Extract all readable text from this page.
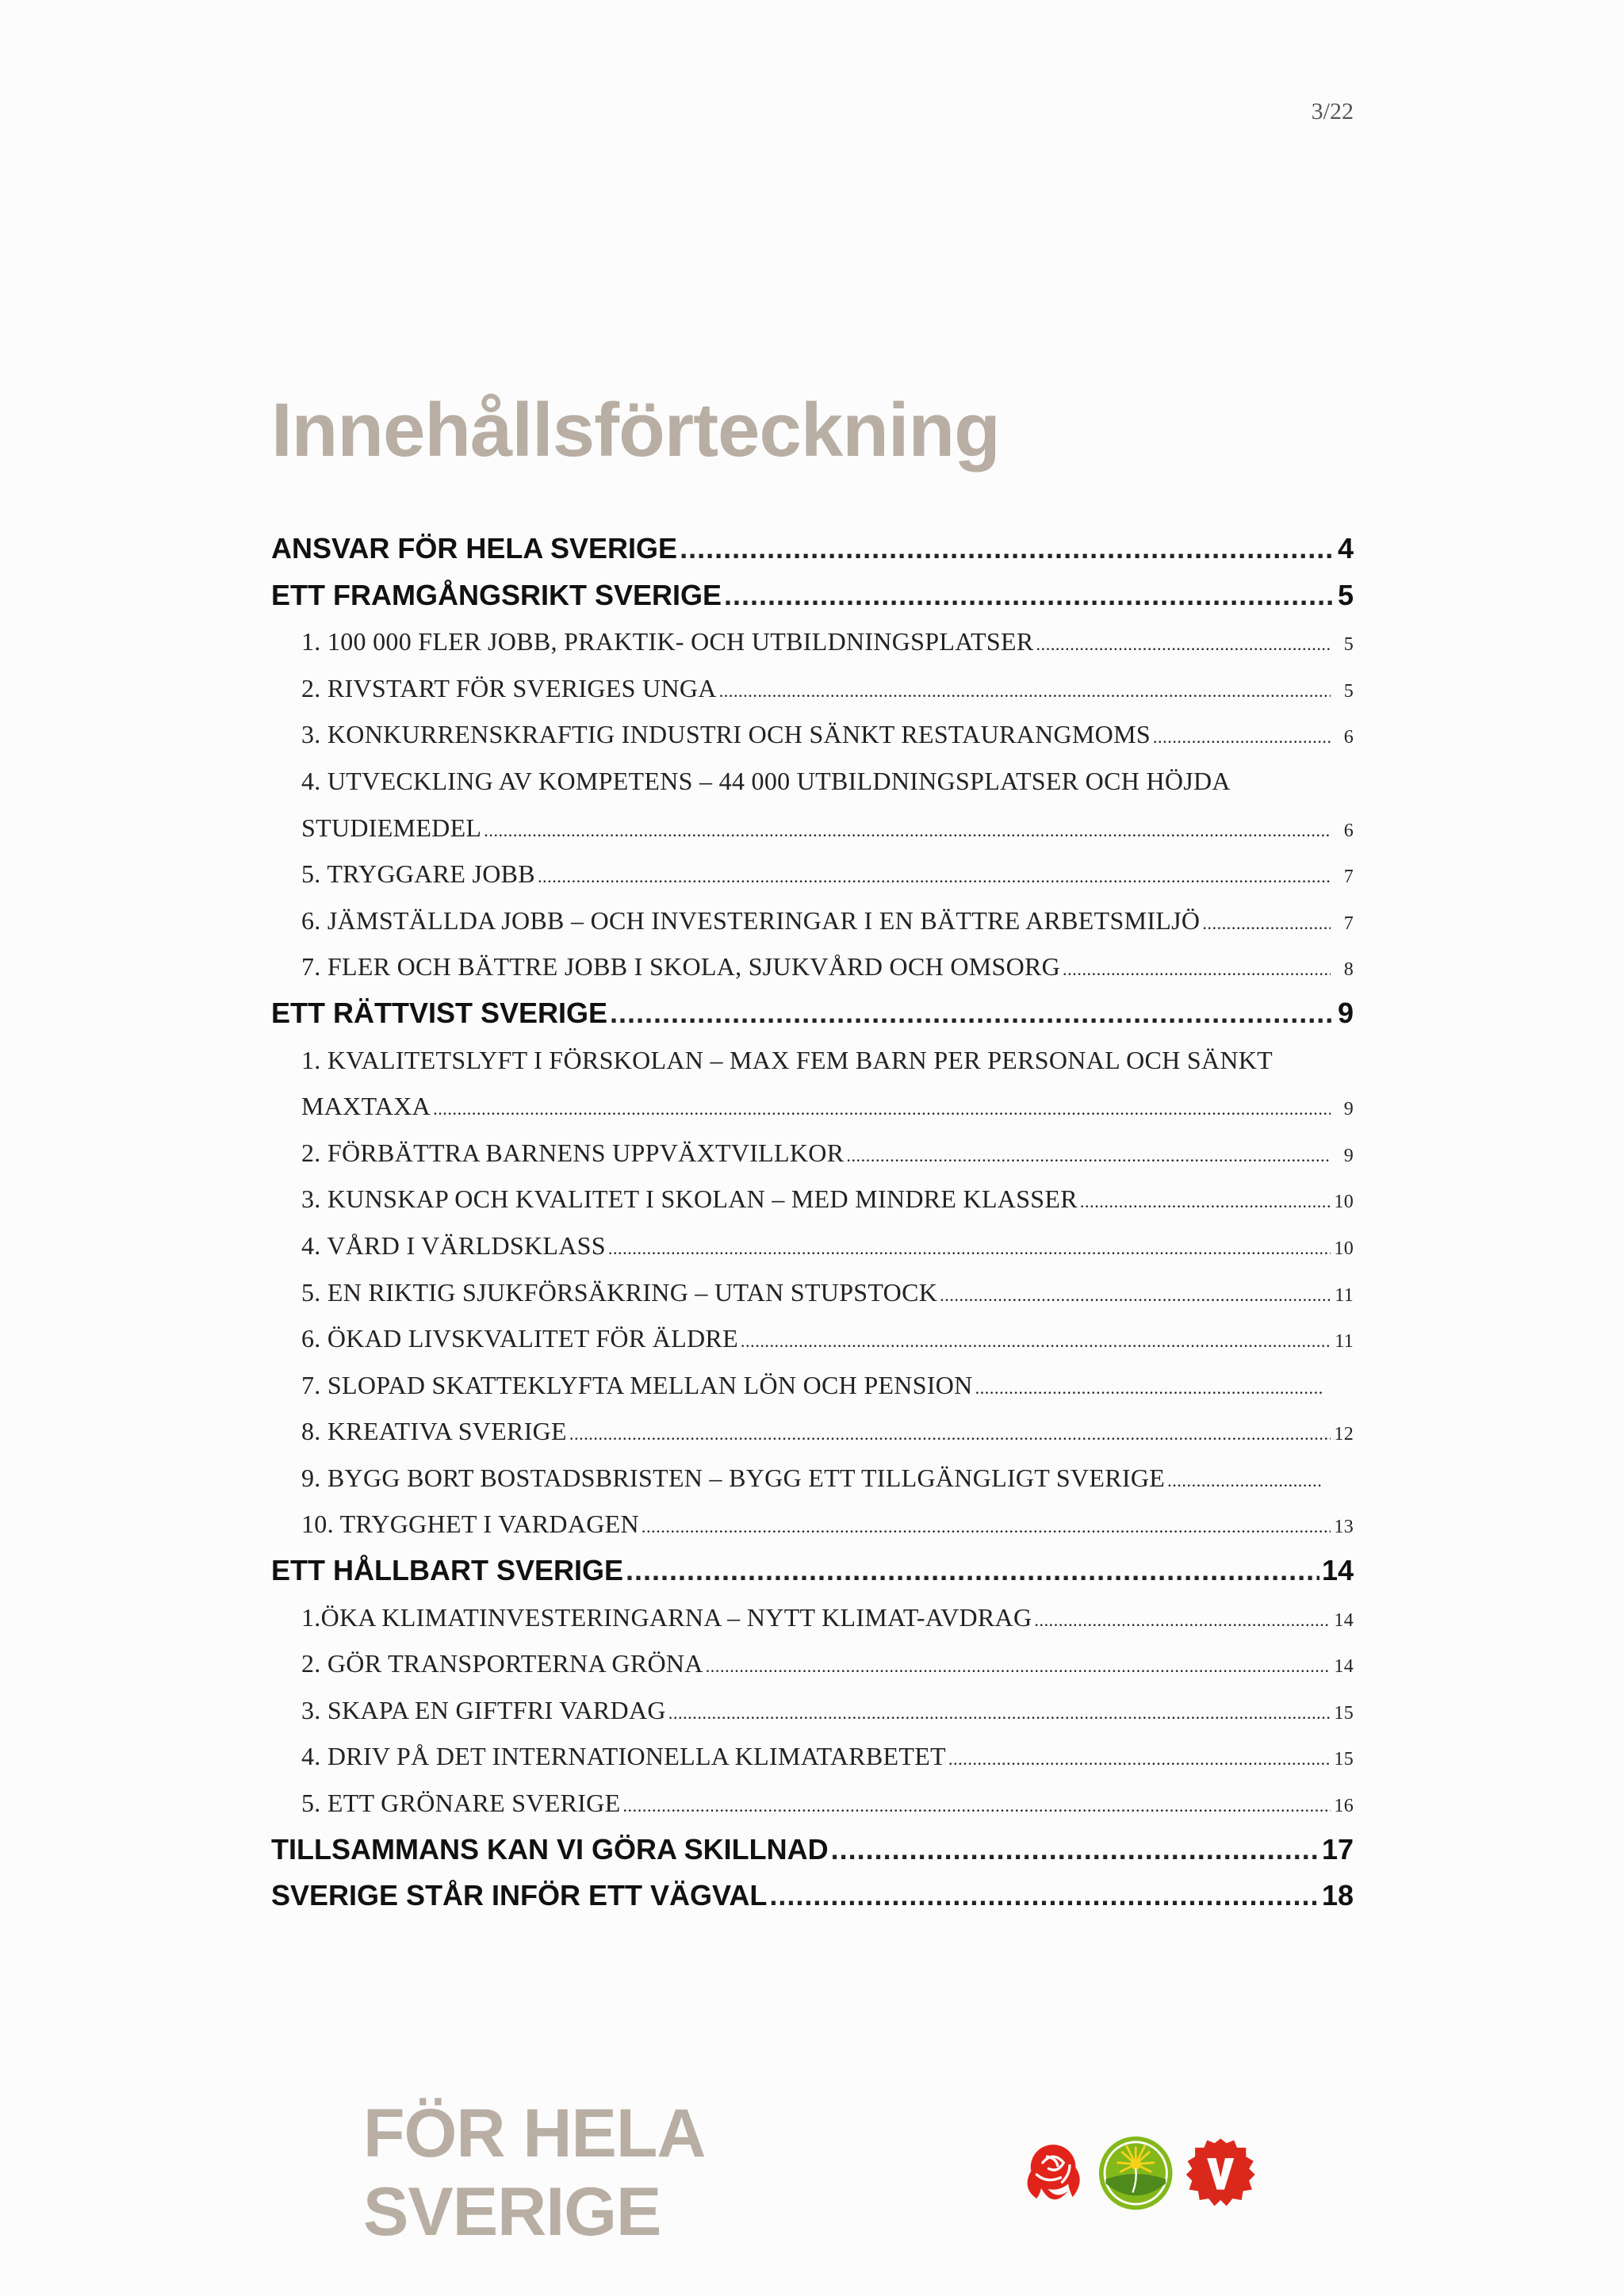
3/22
Innehållsförteckning
ANSVAR FÖR HELA SVERIGE .....	4
ETT FRAMGÅNGSRIKT SVERIGE .....	5
1. 100 000 FLER JOBB, PRAKTIK- OCH UTBILDNINGSPLATSER .....	5
2. RIVSTART FÖR SVERIGES UNGA .....	5
3. KONKURRENSKRAFTIG INDUSTRI OCH SÄNKT RESTAURANGMOMS .....	6
4. UTVECKLING AV KOMPETENS – 44 000 UTBILDNINGSPLATSER OCH HÖJDA
STUDIEMEDEL .....	6
5. TRYGGARE JOBB .....	7
6. JÄMSTÄLLDA JOBB – OCH INVESTERINGAR I EN BÄTTRE ARBETSMILJÖ .....	7
7. FLER OCH BÄTTRE JOBB I SKOLA, SJUKVÅRD OCH OMSORG .....	8
ETT RÄTTVIST SVERIGE .....	9
1. KVALITETSLYFT I FÖRSKOLAN – MAX FEM BARN PER PERSONAL OCH SÄNKT
MAXTAXA .....	9
2. FÖRBÄTTRA BARNENS UPPVÄXTVILLKOR .....	9
3. KUNSKAP OCH KVALITET I SKOLAN – MED MINDRE KLASSER .....	10
4. VÅRD I VÄRLDSKLASS .....	10
5. EN RIKTIG SJUKFÖRSÄKRING – UTAN STUPSTOCK .....	11
6. ÖKAD LIVSKVALITET FÖR ÄLDRE .....	11
7. SLOPAD SKATTEKLYFTA MELLAN LÖN OCH PENSION
.....
8. KREATIVA SVERIGE .....	12
9. BYGG BORT BOSTADSBRISTEN – BYGG ETT TILLGÄNGLIGT SVERIGE
.....
10. TRYGGHET I VARDAGEN .....	13
ETT HÅLLBART SVERIGE .....	14
1.ÖKA KLIMATINVESTERINGARNA – NYTT KLIMAT-AVDRAG .....	14
2. GÖR TRANSPORTERNA GRÖNA .....	14
3. SKAPA EN GIFTFRI VARDAG .....	15
4. DRIV PÅ DET INTERNATIONELLA KLIMATARBETET .....	15
5. ETT GRÖNARE SVERIGE .....	16
TILLSAMMANS KAN VI GÖRA SKILLNAD .....	17
SVERIGE STÅR INFÖR ETT VÄGVAL .....	18
FÖR HELA SVERIGE
